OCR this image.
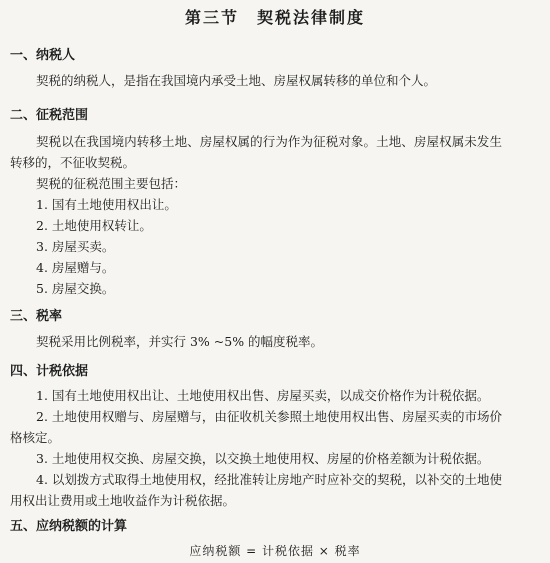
第三节　契税法律制度
一、纳税人
契税的纳税人，是指在我国境内承受土地、房屋权属转移的单位和个人。
二、征税范围
契税以在我国境内转移土地、房屋权属的行为作为征税对象。土地、房屋权属未发生转移的，不征收契税。
契税的征税范围主要包括：
1. 国有土地使用权出让。
2. 土地使用权转让。
3. 房屋买卖。
4. 房屋赠与。
5. 房屋交换。
三、税率
契税采用比例税率，并实行 3% ~5% 的幅度税率。
四、计税依据
1. 国有土地使用权出让、土地使用权出售、房屋买卖，以成交价格作为计税依据。
2. 土地使用权赠与、房屋赠与，由征收机关参照土地使用权出售、房屋买卖的市场价格核定。
3. 土地使用权交换、房屋交换，以交换土地使用权、房屋的价格差额为计税依据。
4. 以划拨方式取得土地使用权，经批准转让房地产时应补交的契税，以补交的土地使用权出让费用或土地收益作为计税依据。
五、应纳税额的计算
应纳税额 = 计税依据 × 税率
